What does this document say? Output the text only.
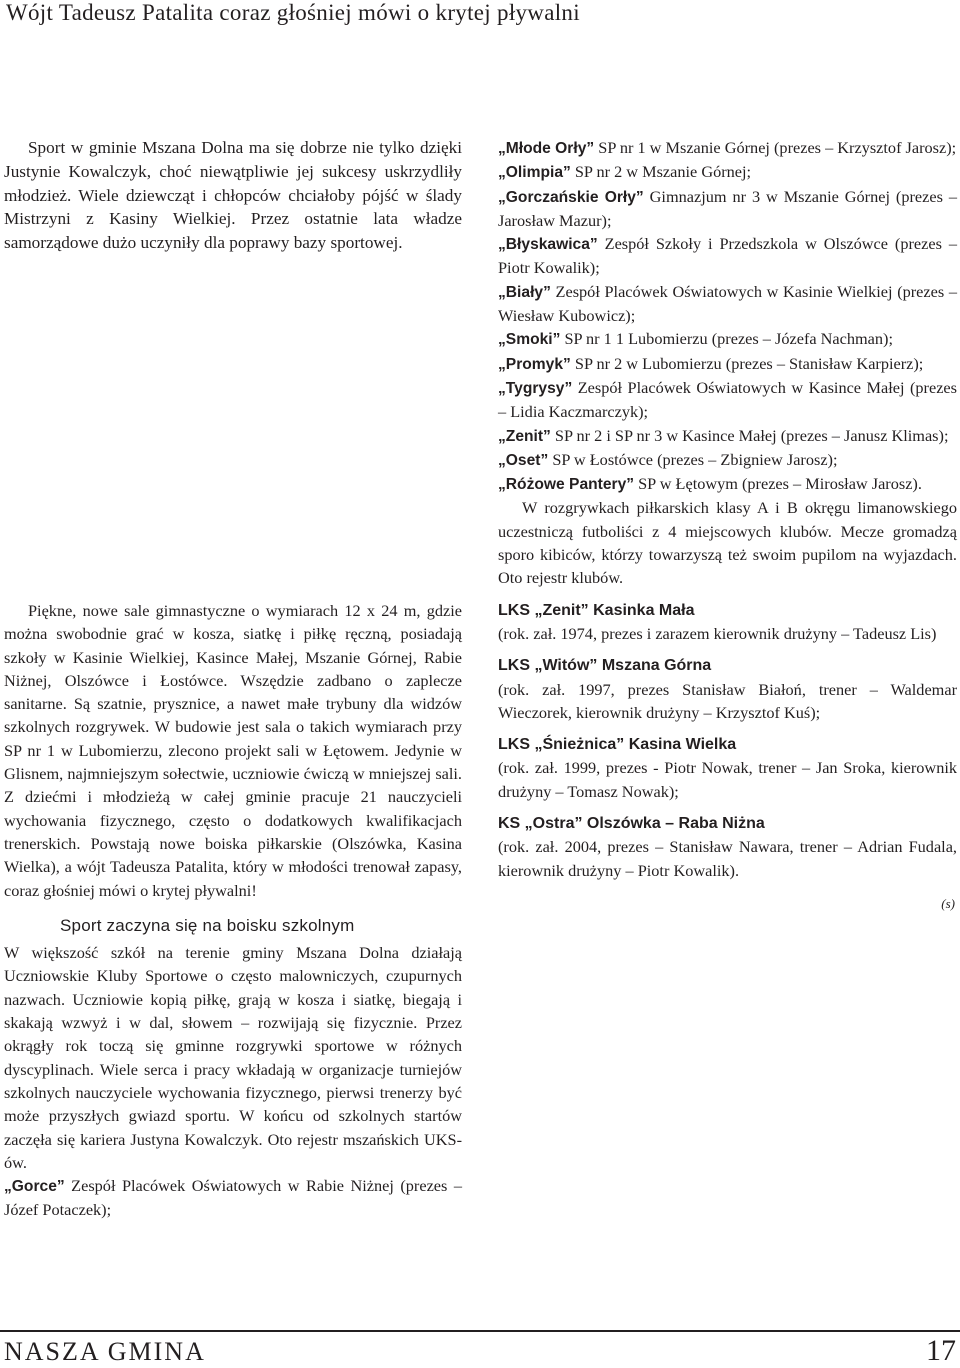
Wójt Tadeusz Patalita coraz głośniej mówi o krytej pływalni

Sport w gminie Mszana Dolna ma się dobrze nie tylko dzięki Justynie Kowalczyk, choć niewątpliwie jej sukcesy uskrzydliły młodzież. Wiele dziewcząt i chłopców chciałoby pójść w ślady Mistrzyni z Kasiny Wielkiej. Przez ostatnie lata władze samorządowe dużo uczyniły dla poprawy bazy sportowej.

Piękne, nowe sale gimnastyczne o wymiarach 12 x 24 m, gdzie można swobodnie grać w kosza, siatkę i piłkę ręczną, posiadają szkoły w Kasinie Wielkiej, Kasince Małej, Mszanie Górnej, Rabie Niżnej, Olszówce i Łostówce. Wszędzie zadbano o zaplecze sanitarne. Są szatnie, prysznice, a nawet małe trybuny dla widzów szkolnych rozgrywek. W budowie jest sala o takich wymiarach przy SP nr 1 w Lubomierzu, zlecono projekt sali w Łętowem. Jedynie w Glisnem, najmniejszym sołectwie, uczniowie ćwiczą w mniejszej sali. Z dziećmi i młodzieżą w całej gminie pracuje 21 nauczycieli wychowania fizycznego, często o dodatkowych kwalifikacjach trenerskich. Powstają nowe boiska piłkarskie (Olszówka, Kasina Wielka), a wójt Tadeusza Patalita, który w młodości trenował zapasy, coraz głośniej mówi o krytej pływalni!

Sport zaczyna się na boisku szkolnym

W większość szkół na terenie gminy Mszana Dolna działają Uczniowskie Kluby Sportowe o często malowniczych, czupurnych nazwach. Uczniowie kopią piłkę, grają w kosza i siatkę, biegają i skakają wzwyż i w dal, słowem – rozwijają się fizycznie. Przez okrągły rok toczą się gminne rozgrywki sportowe w różnych dyscyplinach. Wiele serca i pracy wkładają w organizacje turniejów szkolnych nauczyciele wychowania fizycznego, pierwsi trenerzy być może przyszłych gwiazd sportu. W końcu od szkolnych startów zaczęła się kariera Justyna Kowalczyk. Oto rejestr mszańskich UKS-ów.

„Gorce” Zespół Placówek Oświatowych w Rabie Niżnej (prezes – Józef Potaczek);

„Młode Orły” SP nr 1 w Mszanie Górnej (prezes – Krzysztof Jarosz);

„Olimpia” SP nr 2 w Mszanie Górnej;

„Gorczańskie Orły” Gimnazjum nr 3 w Mszanie Górnej (prezes – Jarosław Mazur);

„Błyskawica” Zespół Szkoły i Przedszkola w Olszówce (prezes – Piotr Kowalik);

„Biały” Zespół Placówek Oświatowych w Kasinie Wielkiej (prezes – Wiesław Kubowicz);

„Smoki” SP nr 1 1 Lubomierzu (prezes – Józefa Nachman);

„Promyk” SP nr 2 w Lubomierzu (prezes – Stanisław Karpierz);

„Tygrysy” Zespół Placówek Oświatowych w Kasince Małej (prezes – Lidia Kaczmarczyk);

„Zenit” SP nr 2 i SP nr 3 w Kasince Małej (prezes – Janusz Klimas);

„Oset” SP w Łostówce (prezes – Zbigniew Jarosz);

„Różowe Pantery” SP w Łętowym (prezes – Mirosław Jarosz).

W rozgrywkach piłkarskich klasy A i B okręgu limanowskiego uczestniczą futboliści z 4 miejscowych klubów. Mecze gromadzą sporo kibiców, którzy towarzyszą też swoim pupilom na wyjazdach. Oto rejestr klubów.

LKS „Zenit” Kasinka Mała

(rok. zał. 1974, prezes i zarazem kierownik drużyny – Tadeusz Lis)

LKS „Witów” Mszana Górna

(rok. zał. 1997, prezes Stanisław Białoń, trener – Waldemar Wieczorek, kierownik drużyny – Krzysztof Kuś);

LKS „Śnieżnica” Kasina Wielka

(rok. zał. 1999, prezes - Piotr Nowak, trener – Jan Sroka, kierownik drużyny – Tomasz Nowak);

KS „Ostra” Olszówka – Raba Niżna

(rok. zał. 2004, prezes – Stanisław Nawara, trener – Adrian Fudala, kierownik drużyny – Piotr Kowalik).

(s)
NASZA GMINA	17
